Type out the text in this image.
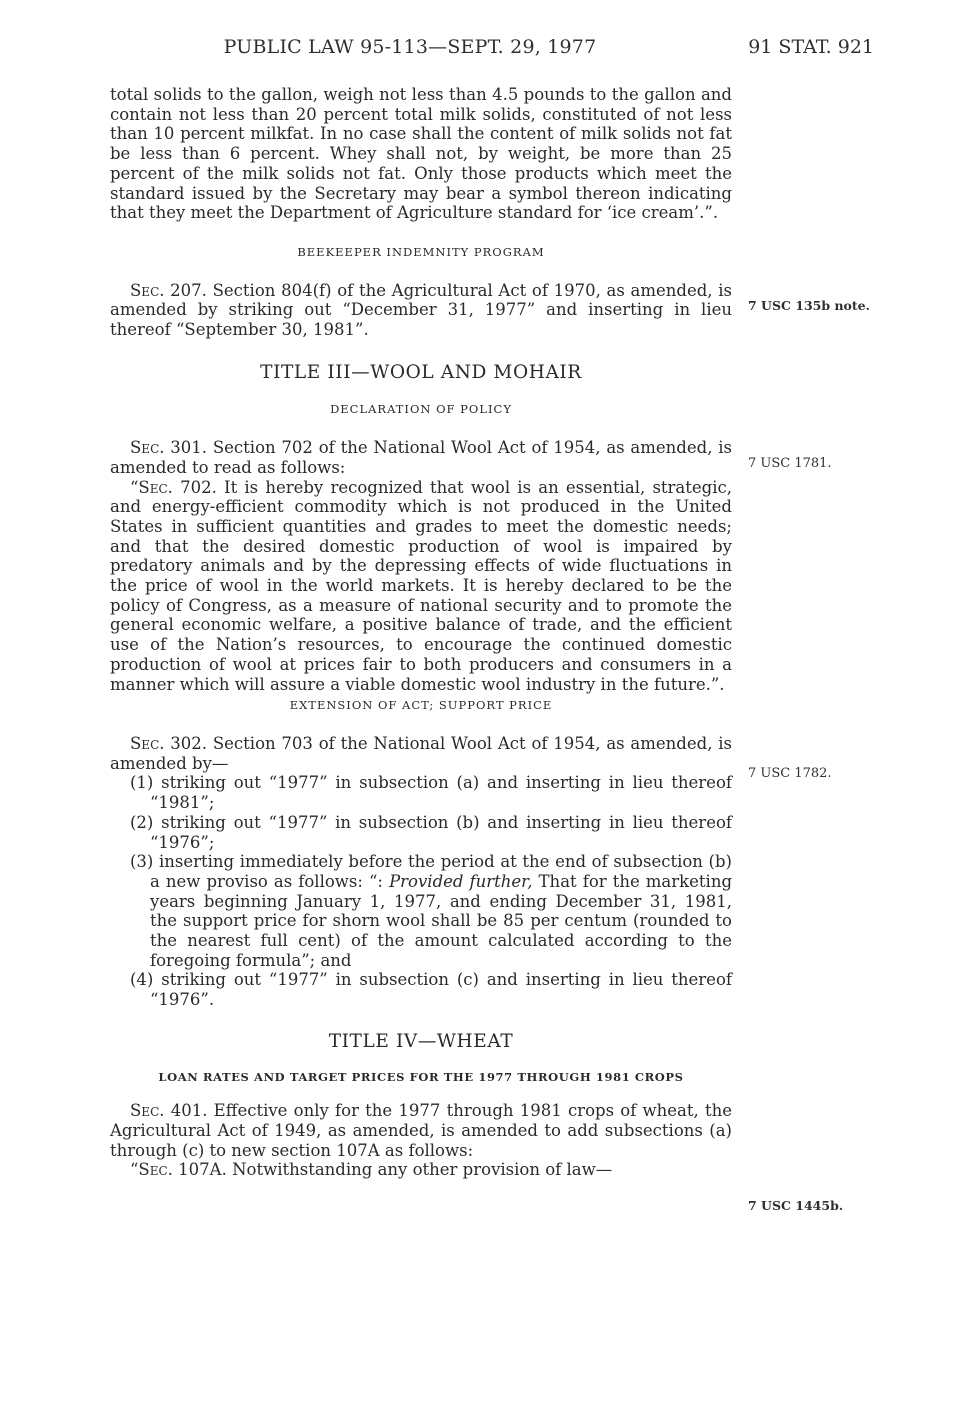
PUBLIC LAW 95-113—SEPT. 29, 1977	91 STAT. 921

total solids to the gallon, weigh not less than 4.5 pounds to the gallon and contain not less than 20 percent total milk solids, constituted of not less than 10 percent milkfat. In no case shall the content of milk solids not fat be less than 6 percent. Whey shall not, by weight, be more than 25 percent of the milk solids not fat. Only those products which meet the standard issued by the Secretary may bear a symbol thereon indicating that they meet the Department of Agriculture standard for ‘ice cream’.”.

BEEKEEPER INDEMNITY PROGRAM

Sec. 207. Section 804(f) of the Agricultural Act of 1970, as amended, is amended by striking out “December 31, 1977” and inserting in lieu thereof “September 30, 1981”.

TITLE III—WOOL AND MOHAIR

DECLARATION OF POLICY

Sec. 301. Section 702 of the National Wool Act of 1954, as amended, is amended to read as follows:

“Sec. 702. It is hereby recognized that wool is an essential, strategic, and energy-efficient commodity which is not produced in the United States in sufficient quantities and grades to meet the domestic needs; and that the desired domestic production of wool is impaired by predatory animals and by the depressing effects of wide fluctuations in the price of wool in the world markets. It is hereby declared to be the policy of Congress, as a measure of national security and to promote the general economic welfare, a positive balance of trade, and the efficient use of the Nation’s resources, to encourage the continued domestic production of wool at prices fair to both producers and consumers in a manner which will assure a viable domestic wool industry in the future.”.

EXTENSION OF ACT; SUPPORT PRICE

Sec. 302. Section 703 of the National Wool Act of 1954, as amended, is amended by—

(1) striking out “1977” in subsection (a) and inserting in lieu thereof “1981”;

(2) striking out “1977” in subsection (b) and inserting in lieu thereof “1976”;

(3) inserting immediately before the period at the end of subsection (b) a new proviso as follows: “: Provided further, That for the marketing years beginning January 1, 1977, and ending December 31, 1981, the support price for shorn wool shall be 85 per centum (rounded to the nearest full cent) of the amount calculated according to the foregoing formula”; and

(4) striking out “1977” in subsection (c) and inserting in lieu thereof “1976”.

TITLE IV—WHEAT

LOAN RATES AND TARGET PRICES FOR THE 1977 THROUGH 1981 CROPS

Sec. 401. Effective only for the 1977 through 1981 crops of wheat, the Agricultural Act of 1949, as amended, is amended to add subsections (a) through (c) to new section 107A as follows:

“Sec. 107A. Notwithstanding any other provision of law—

7 USC 135b note.
7 USC 1781.
7 USC 1782.
7 USC 1445b.
